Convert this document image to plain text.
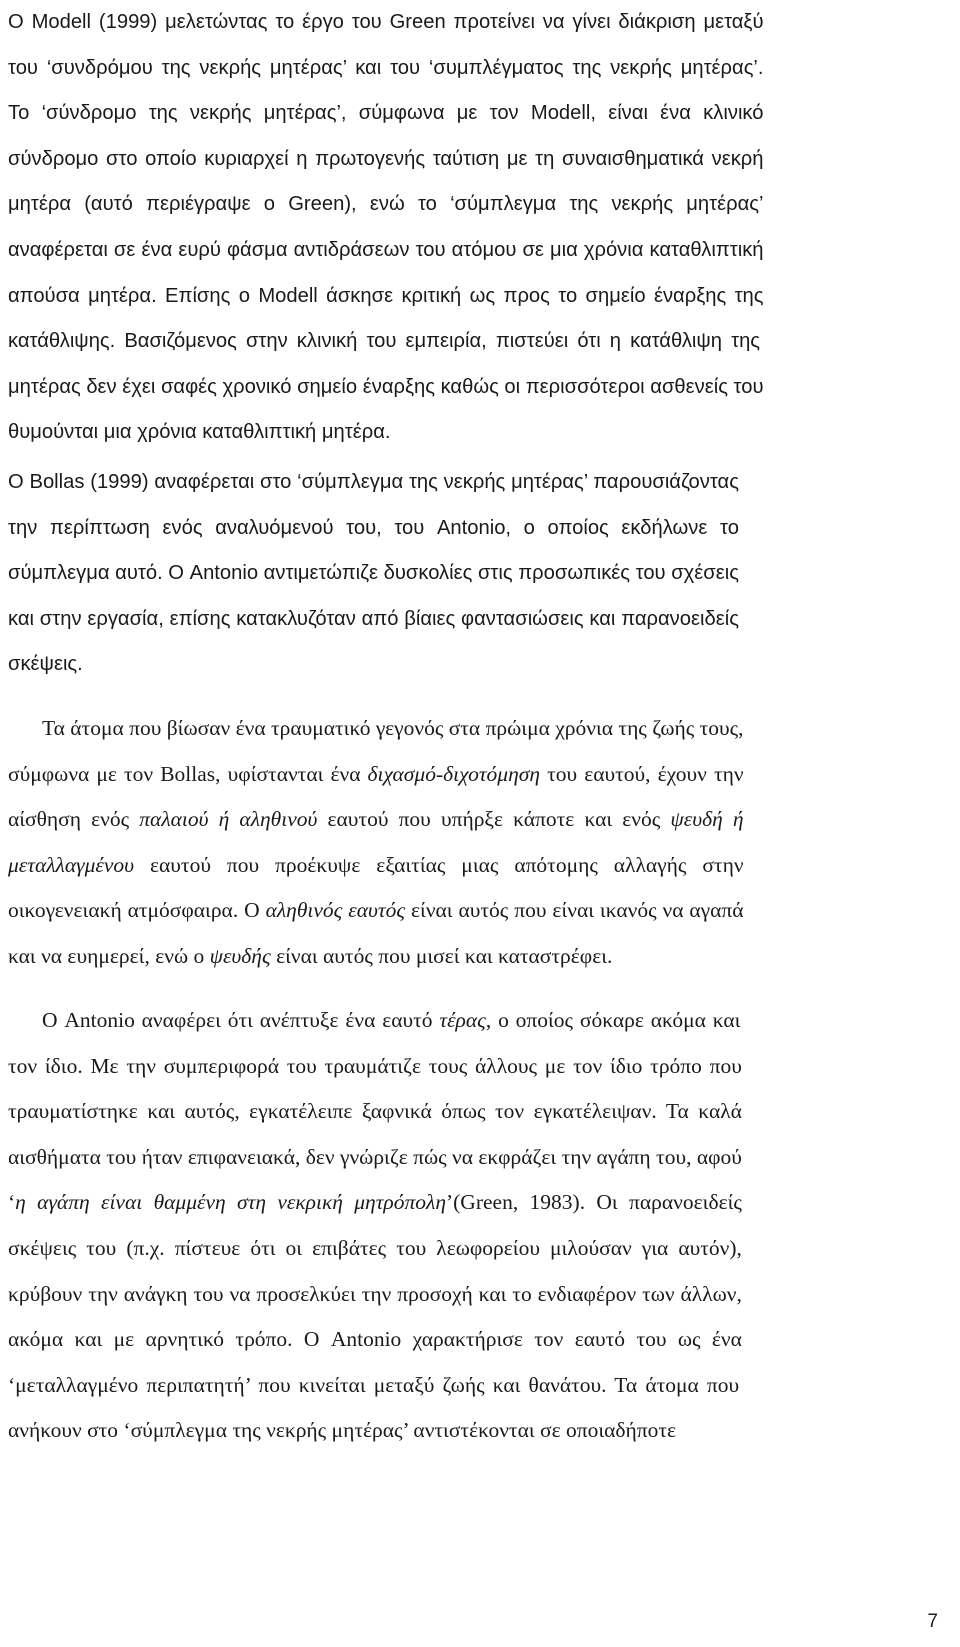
Ο Modell (1999) μελετώντας το έργο του Green προτείνει να γίνει διάκριση μεταξύ
του ‘συνδρόμου της νεκρής μητέρας’ και του ‘συμπλέγματος της νεκρής μητέρας’.
Το ‘σύνδρομο της νεκρής μητέρας’, σύμφωνα με τον Modell, είναι ένα κλινικό
σύνδρομο στο οποίο κυριαρχεί η πρωτογενής ταύτιση με τη συναισθηματικά νεκρή
μητέρα (αυτό περιέγραψε ο Green), ενώ το ‘σύμπλεγμα της νεκρής μητέρας’
αναφέρεται σε ένα ευρύ φάσμα αντιδράσεων του ατόμου σε μια χρόνια καταθλιπτική
απούσα μητέρα. Επίσης ο Modell άσκησε κριτική ως προς το σημείο έναρξης της
κατάθλιψης. Βασιζόμενος στην κλινική του εμπειρία, πιστεύει ότι η κατάθλιψη της
μητέρας δεν έχει σαφές χρονικό σημείο έναρξης καθώς οι περισσότεροι ασθενείς του
θυμούνται μια χρόνια καταθλιπτική μητέρα.
Ο Bollas (1999) αναφέρεται στο ‘σύμπλεγμα της νεκρής μητέρας’ παρουσιάζοντας
την περίπτωση ενός αναλυόμενού του, του Antonio, ο οποίος εκδήλωνε το
σύμπλεγμα αυτό. Ο Antonio αντιμετώπιζε δυσκολίες στις προσωπικές του σχέσεις
και στην εργασία, επίσης κατακλυζόταν από βίαιες φαντασιώσεις και παρανοειδείς
σκέψεις.
Τα άτομα που βίωσαν ένα τραυματικό γεγονός στα πρώιμα χρόνια της ζωής τους,
σύμφωνα με τον Bollas, υφίστανται ένα διχασμό-διχοτόμηση του εαυτού, έχουν την
αίσθηση ενός παλαιού ή αληθινού εαυτού που υπήρξε κάποτε και ενός ψευδή ή
μεταλλαγμένου εαυτού που προέκυψε εξαιτίας μιας απότομης αλλαγής στην
οικογενειακή ατμόσφαιρα. Ο αληθινός εαυτός είναι αυτός που είναι ικανός να αγαπά
και να ευημερεί, ενώ ο ψευδής είναι αυτός που μισεί και καταστρέφει.
Ο Antonio αναφέρει ότι ανέπτυξε ένα εαυτό τέρας, ο οποίος σόκαρε ακόμα και
τον ίδιο. Με την συμπεριφορά του τραυμάτιζε τους άλλους με τον ίδιο τρόπο που
τραυματίστηκε και αυτός, εγκατέλειπε ξαφνικά όπως τον εγκατέλειψαν. Τα καλά
αισθήματα του ήταν επιφανειακά, δεν γνώριζε πώς να εκφράζει την αγάπη του, αφού
‘η αγάπη είναι θαμμένη στη νεκρική μητρόπολη’(Green, 1983). Οι παρανοειδείς
σκέψεις του (π.χ. πίστευε ότι οι επιβάτες του λεωφορείου μιλούσαν για αυτόν),
κρύβουν την ανάγκη του να προσελκύει την προσοχή και το ενδιαφέρον των άλλων,
ακόμα και με αρνητικό τρόπο. Ο Antonio χαρακτήρισε τον εαυτό του ως ένα
‘μεταλλαγμένο περιπατητή’ που κινείται μεταξύ ζωής και θανάτου. Τα άτομα που
ανήκουν στο ‘σύμπλεγμα της νεκρής μητέρας’ αντιστέκονται σε οποιαδήποτε
7
